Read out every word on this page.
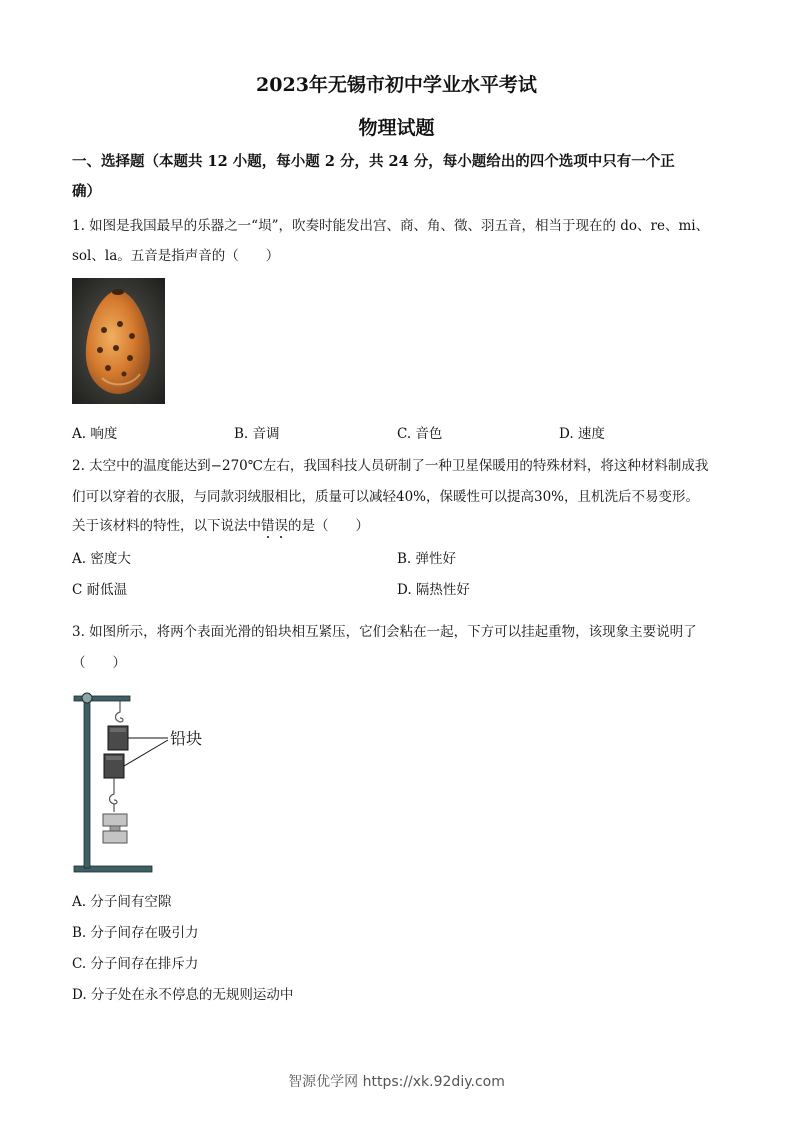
2023年无锡市初中学业水平考试
物理试题
一、选择题（本题共 12 小题，每小题 2 分，共 24 分，每小题给出的四个选项中只有一个正
确）
1. 如图是我国最早的乐器之一“埙”，吹奏时能发出宫、商、角、徵、羽五音，相当于现在的 do、re、mi、
sol、la。五音是指声音的（　　）
A. 响度	B. 音调	C. 音色	D. 速度
2. 太空中的温度能达到−270℃左右，我国科技人员研制了一种卫星保暖用的特殊材料，将这种材料制成我
们可以穿着的衣服，与同款羽绒服相比，质量可以减轻40%，保暖性可以提高30%，且机洗后不易变形。
关于该材料的特性，以下说法中错误的是（　　）
A. 密度大	B. 弹性好
C 耐低温	D. 隔热性好
3. 如图所示，将两个表面光滑的铅块相互紧压，它们会粘在一起，下方可以挂起重物，该现象主要说明了
（　　）
铅块
A. 分子间有空隙
B. 分子间存在吸引力
C. 分子间存在排斥力
D. 分子处在永不停息的无规则运动中
智源优学网 https://xk.92diy.com
